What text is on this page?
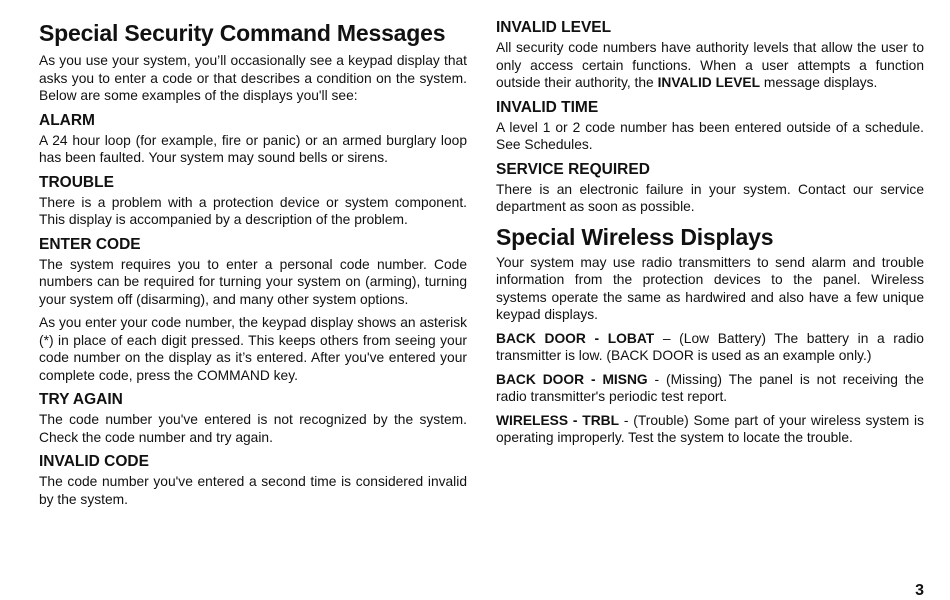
Special Security Command Messages

As you use your system, you’ll occasionally see a keypad display that asks you to enter a code or that describes a condition on the system. Below are some examples of the displays you'll see:

ALARM

A 24 hour loop (for example, fire or panic) or an armed burglary loop has been faulted. Your system may sound bells or sirens.

TROUBLE

There is a problem with a protection device or system component. This display is accompanied by a description of the problem.

ENTER CODE

The system requires you to enter a personal code number. Code numbers can be required for turning your system on (arming), turning your system off (disarming), and many other system options.

As you enter your code number, the keypad display shows an asterisk (*) in place of each digit pressed. This keeps others from seeing your code number on the display as it’s entered. After you've entered your complete code, press the COMMAND key.

TRY AGAIN

The code number you've entered is not recognized by the system. Check the code number and try again.

INVALID CODE

The code number you've entered a second time is considered invalid by the system.

INVALID LEVEL

All security code numbers have authority levels that allow the user to only access certain functions. When a user attempts a function outside their authority, the INVALID LEVEL message displays.

INVALID TIME

A level 1 or 2 code number has been entered outside of a schedule. See Schedules.

SERVICE REQUIRED

There is an electronic failure in your system. Contact our service department as soon as possible.

Special Wireless Displays

Your system may use radio transmitters to send alarm and trouble information from the protection devices to the panel. Wireless systems operate the same as hardwired and also have a few unique keypad displays.

BACK DOOR - LOBAT – (Low Battery) The battery in a radio transmitter is low. (BACK DOOR is used as an example only.)

BACK DOOR - MISNG - (Missing) The panel is not receiving the radio transmitter's periodic test report.

WIRELESS - TRBL - (Trouble) Some part of your wireless system is operating improperly. Test the system to locate the trouble.

3
